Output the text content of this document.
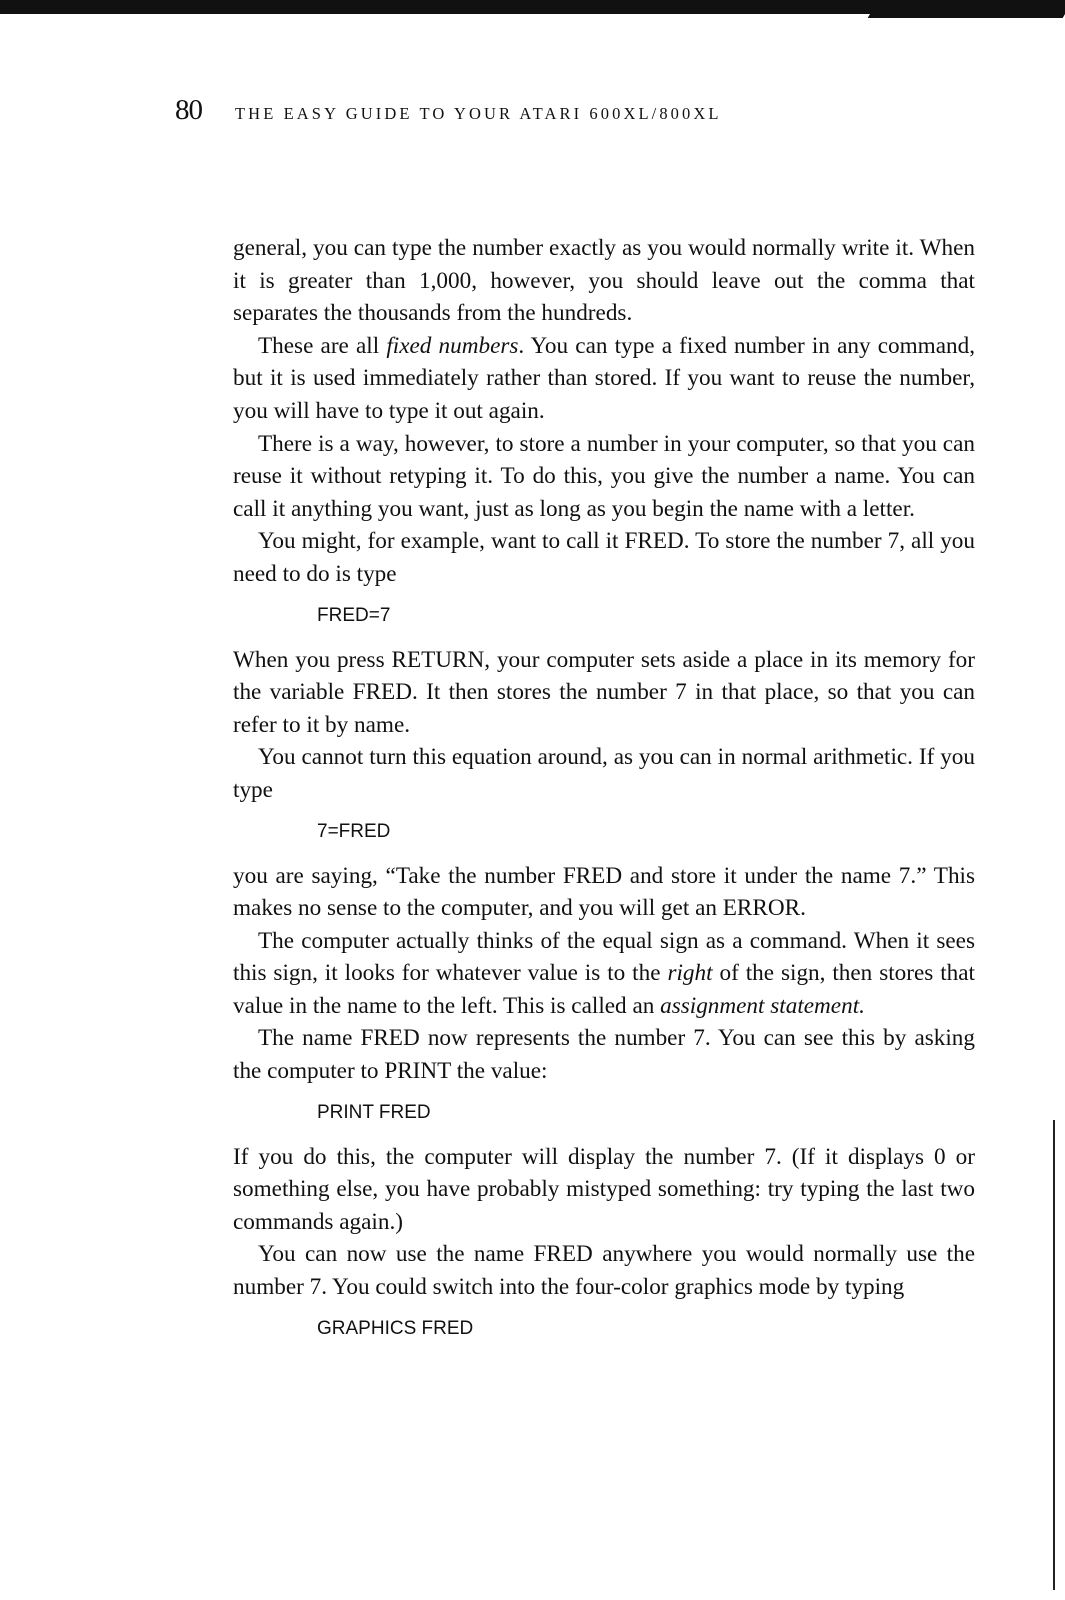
80 THE EASY GUIDE TO YOUR ATARI 600XL/800XL

general, you can type the number exactly as you would normally write it. When it is greater than 1,000, however, you should leave out the comma that separates the thousands from the hundreds.

These are all fixed numbers. You can type a fixed number in any command, but it is used immediately rather than stored. If you want to reuse the number, you will have to type it out again.

There is a way, however, to store a number in your computer, so that you can reuse it without retyping it. To do this, you give the number a name. You can call it anything you want, just as long as you begin the name with a letter.

You might, for example, want to call it FRED. To store the number 7, all you need to do is type

FRED=7

When you press RETURN, your computer sets aside a place in its memory for the variable FRED. It then stores the number 7 in that place, so that you can refer to it by name.

You cannot turn this equation around, as you can in normal arithmetic. If you type

7=FRED

you are saying, “Take the number FRED and store it under the name 7.” This makes no sense to the computer, and you will get an ERROR.

The computer actually thinks of the equal sign as a command. When it sees this sign, it looks for whatever value is to the right of the sign, then stores that value in the name to the left. This is called an assignment statement.

The name FRED now represents the number 7. You can see this by asking the computer to PRINT the value:

PRINT FRED

If you do this, the computer will display the number 7. (If it displays 0 or something else, you have probably mistyped something: try typing the last two commands again.)

You can now use the name FRED anywhere you would normally use the number 7. You could switch into the four-color graphics mode by typing

GRAPHICS FRED
